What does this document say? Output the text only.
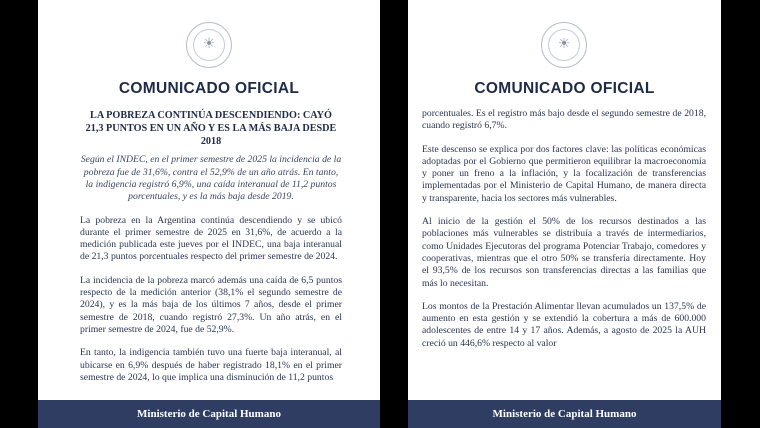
☀
COMUNICADO OFICIAL

LA POBREZA CONTINÚA DESCENDIENDO: CAYÓ 21,3 PUNTOS EN UN AÑO Y ES LA MÁS BAJA DESDE 2018

Según el INDEC, en el primer semestre de 2025 la incidencia de la pobreza fue de 31,6%, contra el 52,9% de un año atrás. En tanto, la indigencia registró 6,9%, una caída interanual de 11,2 puntos porcentuales, y es la más baja desde 2019.

La pobreza en la Argentina continúa descendiendo y se ubicó durante el primer semestre de 2025 en 31,6%, de acuerdo a la medición publicada este jueves por el INDEC, una baja interanual de 21,3 puntos porcentuales respecto del primer semestre de 2024.

La incidencia de la pobreza marcó además una caída de 6,5 puntos respecto de la medición anterior (38,1% el segundo semestre de 2024), y es la más baja de los últimos 7 años, desde el primer semestre de 2018, cuando registró 27,3%. Un año atrás, en el primer semestre de 2024, fue de 52,9%.

En tanto, la indigencia también tuvo una fuerte baja interanual, al ubicarse en 6,9% después de haber registrado 18,1% en el primer semestre de 2024, lo que implica una disminución de 11,2 puntos

Ministerio de Capital Humano
☀
COMUNICADO OFICIAL

porcentuales. Es el registro más bajo desde el segundo semestre de 2018, cuando registró 6,7%.

Este descenso se explica por dos factores clave: las políticas económicas adoptadas por el Gobierno que permitieron equilibrar la macroeconomía y poner un freno a la inflación, y la focalización de transferencias implementadas por el Ministerio de Capital Humano, de manera directa y transparente, hacia los sectores más vulnerables.

Al inicio de la gestión el 50% de los recursos destinados a las poblaciones más vulnerables se distribuía a través de intermediarios, como Unidades Ejecutoras del programa Potenciar Trabajo, comedores y cooperativas, mientras que el otro 50% se transfería directamente. Hoy el 93,5% de los recursos son transferencias directas a las familias que más lo necesitan.

Los montos de la Prestación Alimentar llevan acumulados un 137,5% de aumento en esta gestión y se extendió la cobertura a más de 600.000 adolescentes de entre 14 y 17 años. Además, a agosto de 2025 la AUH creció un 446,6% respecto al valor

Ministerio de Capital Humano
